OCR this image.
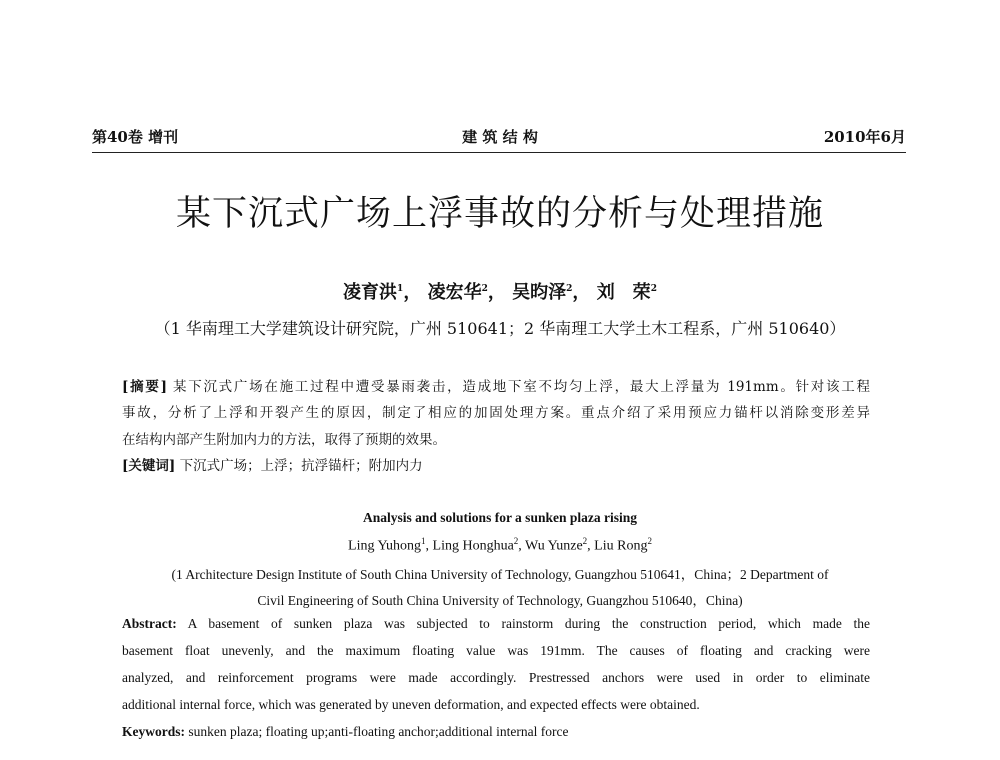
第40卷 增刊	建 筑 结 构	2010年6月
某下沉式广场上浮事故的分析与处理措施
凌育洪$^1$， 凌宏华$^2$， 吴昀泽$^2$， 刘　荣$^2$
（1 华南理工大学建筑设计研究院，广州 510641；2 华南理工大学土木工程系，广州 510640）
[摘要] 某下沉式广场在施工过程中遭受暴雨袭击，造成地下室不均匀上浮，最大上浮量为 191mm。针对该工程
事故，分析了上浮和开裂产生的原因，制定了相应的加固处理方案。重点介绍了采用预应力锚杆以消除变形差异
在结构内部产生附加内力的方法，取得了预期的效果。
[关键词] 下沉式广场；上浮；抗浮锚杆；附加内力
Analysis and solutions for a sunken plaza rising
Ling Yuhong$^1$, Ling Honghua$^2$, Wu Yunze$^2$, Liu Rong$^2$
(1 Architecture Design Institute of South China University of Technology, Guangzhou 510641，China；2 Department of
Civil Engineering of South China University of Technology, Guangzhou 510640，China)
Abstract: A basement of sunken plaza was subjected to rainstorm during the construction period, which made the
basement float unevenly, and the maximum floating value was 191mm. The causes of floating and cracking were
analyzed, and reinforcement programs were made accordingly. Prestressed anchors were used in order to eliminate
additional internal force, which was generated by uneven deformation, and expected effects were obtained.
Keywords: sunken plaza; floating up;anti-floating anchor;additional internal force
